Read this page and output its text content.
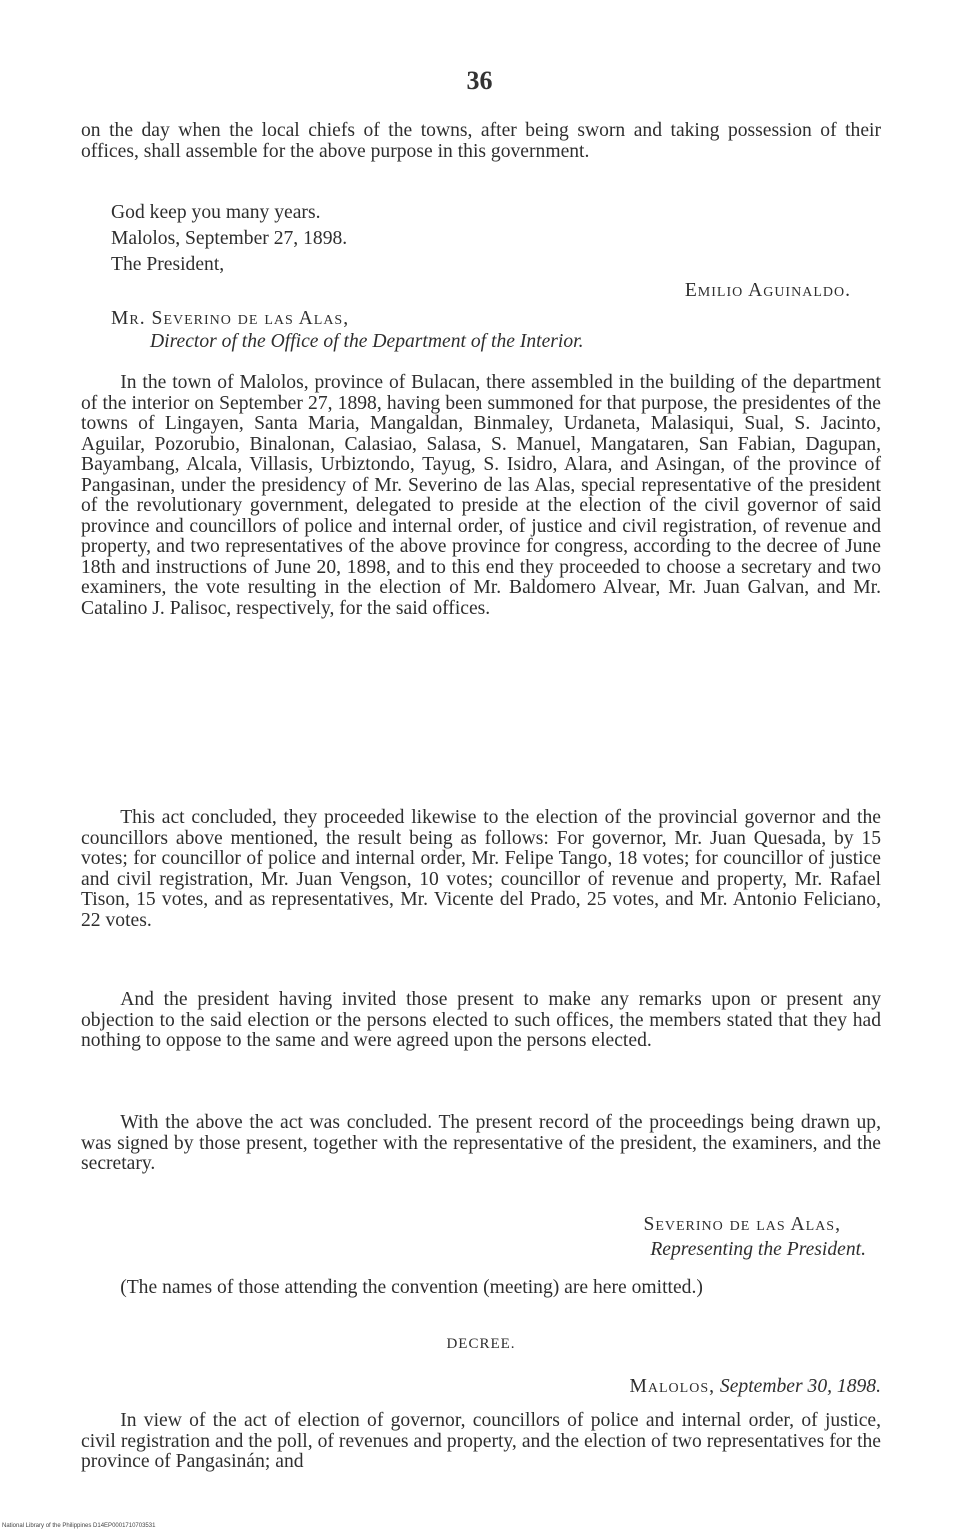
36

on the day when the local chiefs of the towns, after being sworn and taking possession of their offices, shall assemble for the above purpose in this government.

God keep you many years.

Malolos, September 27, 1898.

The President,

Emilio Aguinaldo.

Mr. Severino de las Alas,

Director of the Office of the Department of the Interior.

In the town of Malolos, province of Bulacan, there assembled in the building of the department of the interior on September 27, 1898, having been summoned for that purpose, the presidentes of the towns of Lingayen, Santa Maria, Mangaldan, Binmaley, Urdaneta, Malasiqui, Sual, S. Jacinto, Aguilar, Pozorubio, Binalonan, Calasiao, Salasa, S. Manuel, Mangataren, San Fabian, Dagupan, Bayambang, Alcala, Villasis, Urbiztondo, Tayug, S. Isidro, Alara, and Asingan, of the province of Pangasinan, under the presidency of Mr. Severino de las Alas, special representative of the president of the revolutionary government, delegated to preside at the election of the civil governor of said province and councillors of police and internal order, of justice and civil registration, of revenue and property, and two representatives of the above province for congress, according to the decree of June 18th and instructions of June 20, 1898, and to this end they proceeded to choose a secretary and two examiners, the vote resulting in the election of Mr. Baldomero Alvear, Mr. Juan Galvan, and Mr. Catalino J. Palisoc, respectively, for the said offices.

This act concluded, they proceeded likewise to the election of the provincial governor and the councillors above mentioned, the result being as follows: For governor, Mr. Juan Quesada, by 15 votes; for councillor of police and internal order, Mr. Felipe Tango, 18 votes; for councillor of justice and civil registration, Mr. Juan Vengson, 10 votes; councillor of revenue and property, Mr. Rafael Tison, 15 votes, and as representatives, Mr. Vicente del Prado, 25 votes, and Mr. Antonio Feliciano, 22 votes.

And the president having invited those present to make any remarks upon or present any objection to the said election or the persons elected to such offices, the members stated that they had nothing to oppose to the same and were agreed upon the persons elected.

With the above the act was concluded. The present record of the proceedings being drawn up, was signed by those present, together with the representative of the president, the examiners, and the secretary.

Severino de las Alas,

Representing the President.

(The names of those attending the convention (meeting) are here omitted.)

DECREE.

Malolos, September 30, 1898.

In view of the act of election of governor, councillors of police and internal order, of justice, civil registration and the poll, of revenues and property, and the election of two representatives for the province of Pangasinán; and

National Library of the Philippines D14EP0001710703531
